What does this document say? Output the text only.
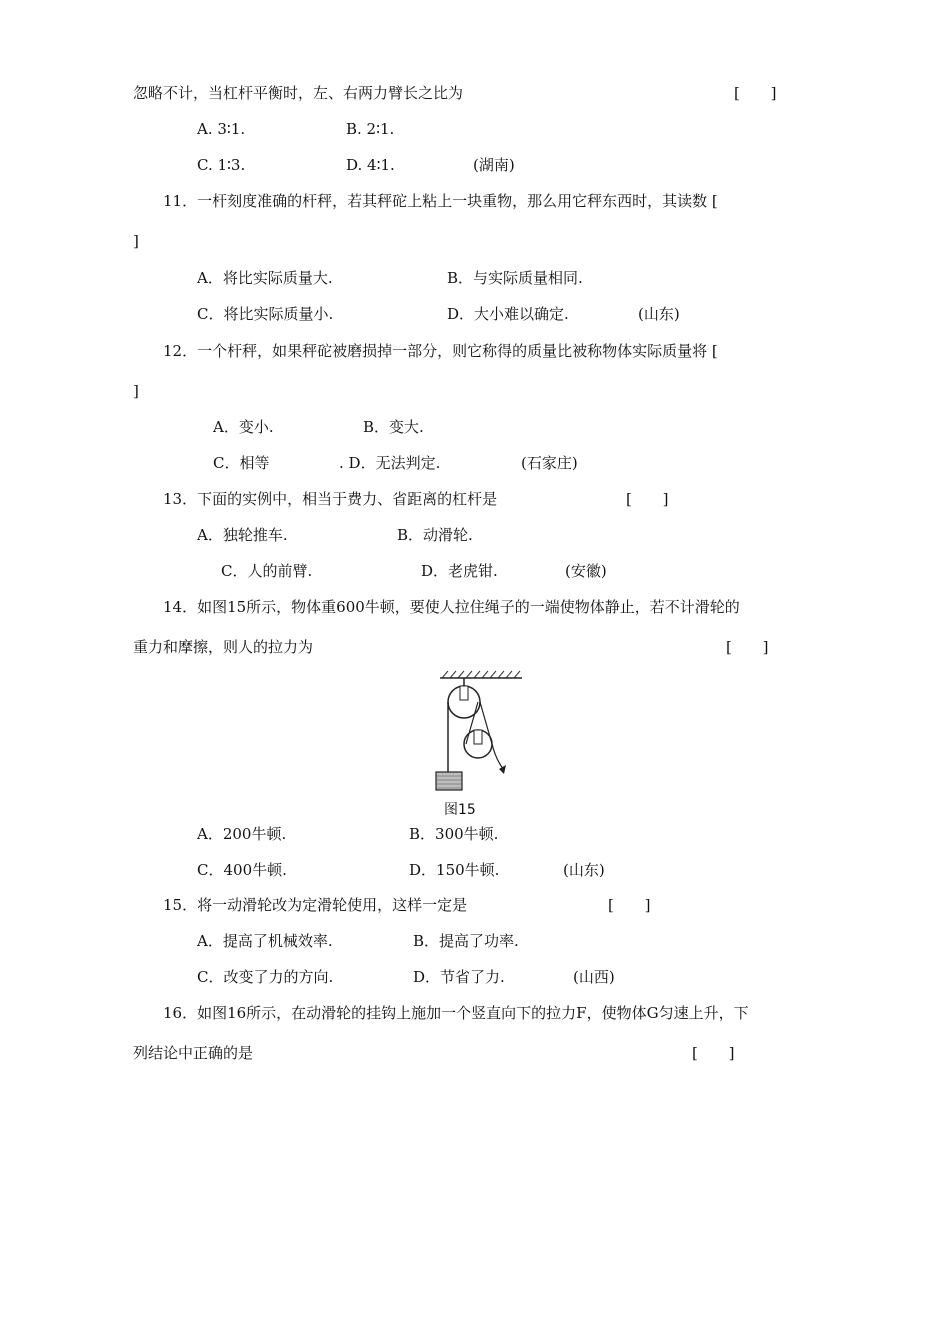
忽略不计，当杠杆平衡时，左、右两力臂长之比为	[ ]
A. 3∶1.	B. 2∶1.
C. 1∶3.	D. 4∶1.	(湖南)
11．一杆刻度准确的杆秤，若其秤砣上粘上一块重物，那么用它秤东西时，其读数 [
]
A．将比实际质量大.	B．与实际质量相同.
C．将比实际质量小.	D．大小难以确定.	(山东)
12．一个杆秤，如果秤砣被磨损掉一部分，则它称得的质量比被称物体实际质量将 [
]
A．变小.	B．变大.
C．相等	. D．无法判定.	(石家庄)
13．下面的实例中，相当于费力、省距离的杠杆是	[ ]
A．独轮推车.	B．动滑轮.
C．人的前臂.	D．老虎钳.	(安徽)
14．如图15所示，物体重600牛顿，要使人拉住绳子的一端使物体静止，若不计滑轮的
重力和摩擦，则人的拉力为	[ ]
图15
A．200牛顿.	B．300牛顿.
C．400牛顿.	D．150牛顿.	(山东)
15．将一动滑轮改为定滑轮使用，这样一定是	[ ]
A．提高了机械效率.	B．提高了功率.
C．改变了力的方向.	D．节省了力.	(山西)
16．如图16所示，在动滑轮的挂钩上施加一个竖直向下的拉力F，使物体G匀速上升，下
列结论中正确的是	[ ]
